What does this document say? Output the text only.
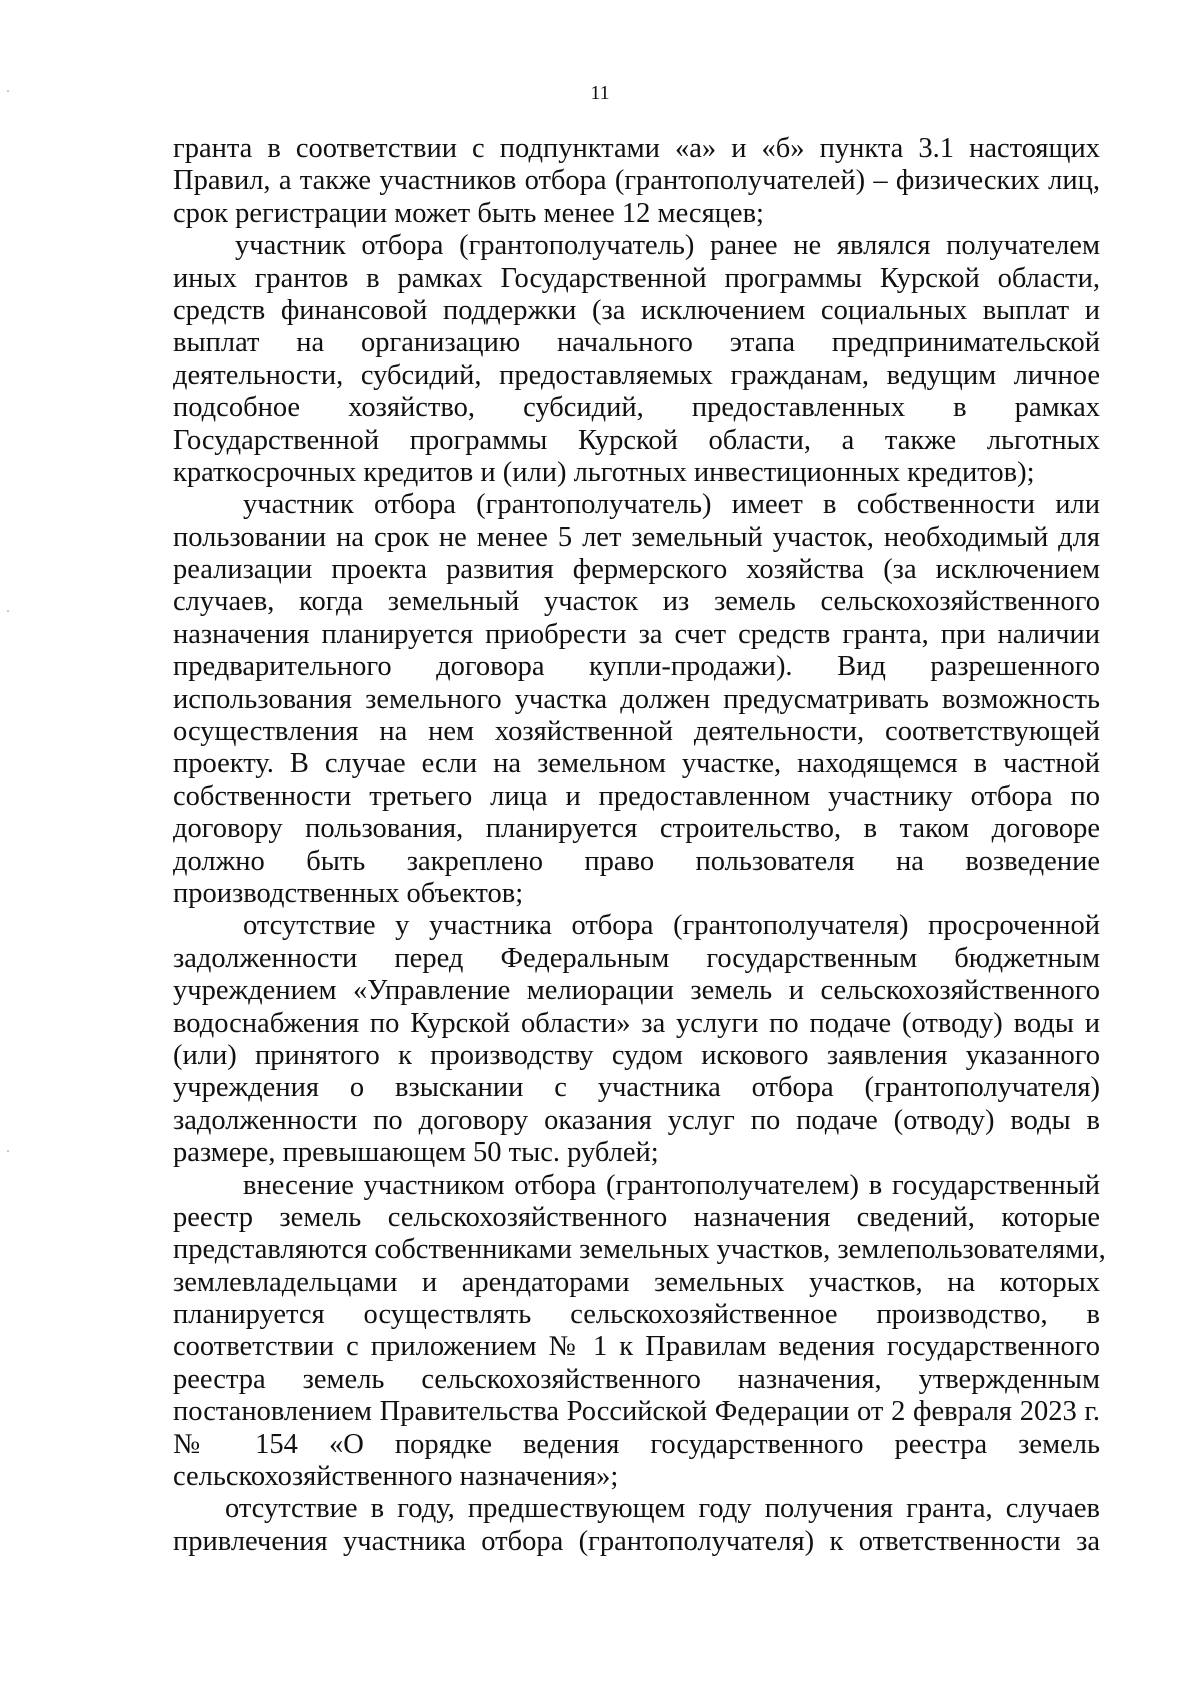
11
гранта в соответствии с подпунктами «а» и «б» пункта 3.1 настоящих
Правил, а также участников отбора (грантополучателей) – физических лиц,
срок регистрации может быть менее 12 месяцев;
участник отбора (грантополучатель) ранее не являлся получателем
иных грантов в рамках Государственной программы Курской области,
средств финансовой поддержки (за исключением социальных выплат и
выплат на организацию начального этапа предпринимательской
деятельности, субсидий, предоставляемых гражданам, ведущим личное
подсобное хозяйство, субсидий, предоставленных в рамках
Государственной программы Курской области, а также льготных
краткосрочных кредитов и (или) льготных инвестиционных кредитов);
участник отбора (грантополучатель) имеет в собственности или
пользовании на срок не менее 5 лет земельный участок, необходимый для
реализации проекта развития фермерского хозяйства (за исключением
случаев, когда земельный участок из земель сельскохозяйственного
назначения планируется приобрести за счет средств гранта, при наличии
предварительного договора купли-продажи). Вид разрешенного
использования земельного участка должен предусматривать возможность
осуществления на нем хозяйственной деятельности, соответствующей
проекту. В случае если на земельном участке, находящемся в частной
собственности третьего лица и предоставленном участнику отбора по
договору пользования, планируется строительство, в таком договоре
должно быть закреплено право пользователя на возведение
производственных объектов;
отсутствие у участника отбора (грантополучателя) просроченной
задолженности перед Федеральным государственным бюджетным
учреждением «Управление мелиорации земель и сельскохозяйственного
водоснабжения по Курской области» за услуги по подаче (отводу) воды и
(или) принятого к производству судом искового заявления указанного
учреждения о взыскании с участника отбора (грантополучателя)
задолженности по договору оказания услуг по подаче (отводу) воды в
размере, превышающем 50 тыс. рублей;
внесение участником отбора (грантополучателем) в государственный
реестр земель сельскохозяйственного назначения сведений, которые
представляются собственниками земельных участков, землепользователями,
землевладельцами и арендаторами земельных участков, на которых
планируется осуществлять сельскохозяйственное производство, в
соответствии с приложением № 1 к Правилам ведения государственного
реестра земель сельскохозяйственного назначения, утвержденным
постановлением Правительства Российской Федерации от 2 февраля 2023 г.
№ 154 «О порядке ведения государственного реестра земель
сельскохозяйственного назначения»;
отсутствие в году, предшествующем году получения гранта, случаев
привлечения участника отбора (грантополучателя) к ответственности за
